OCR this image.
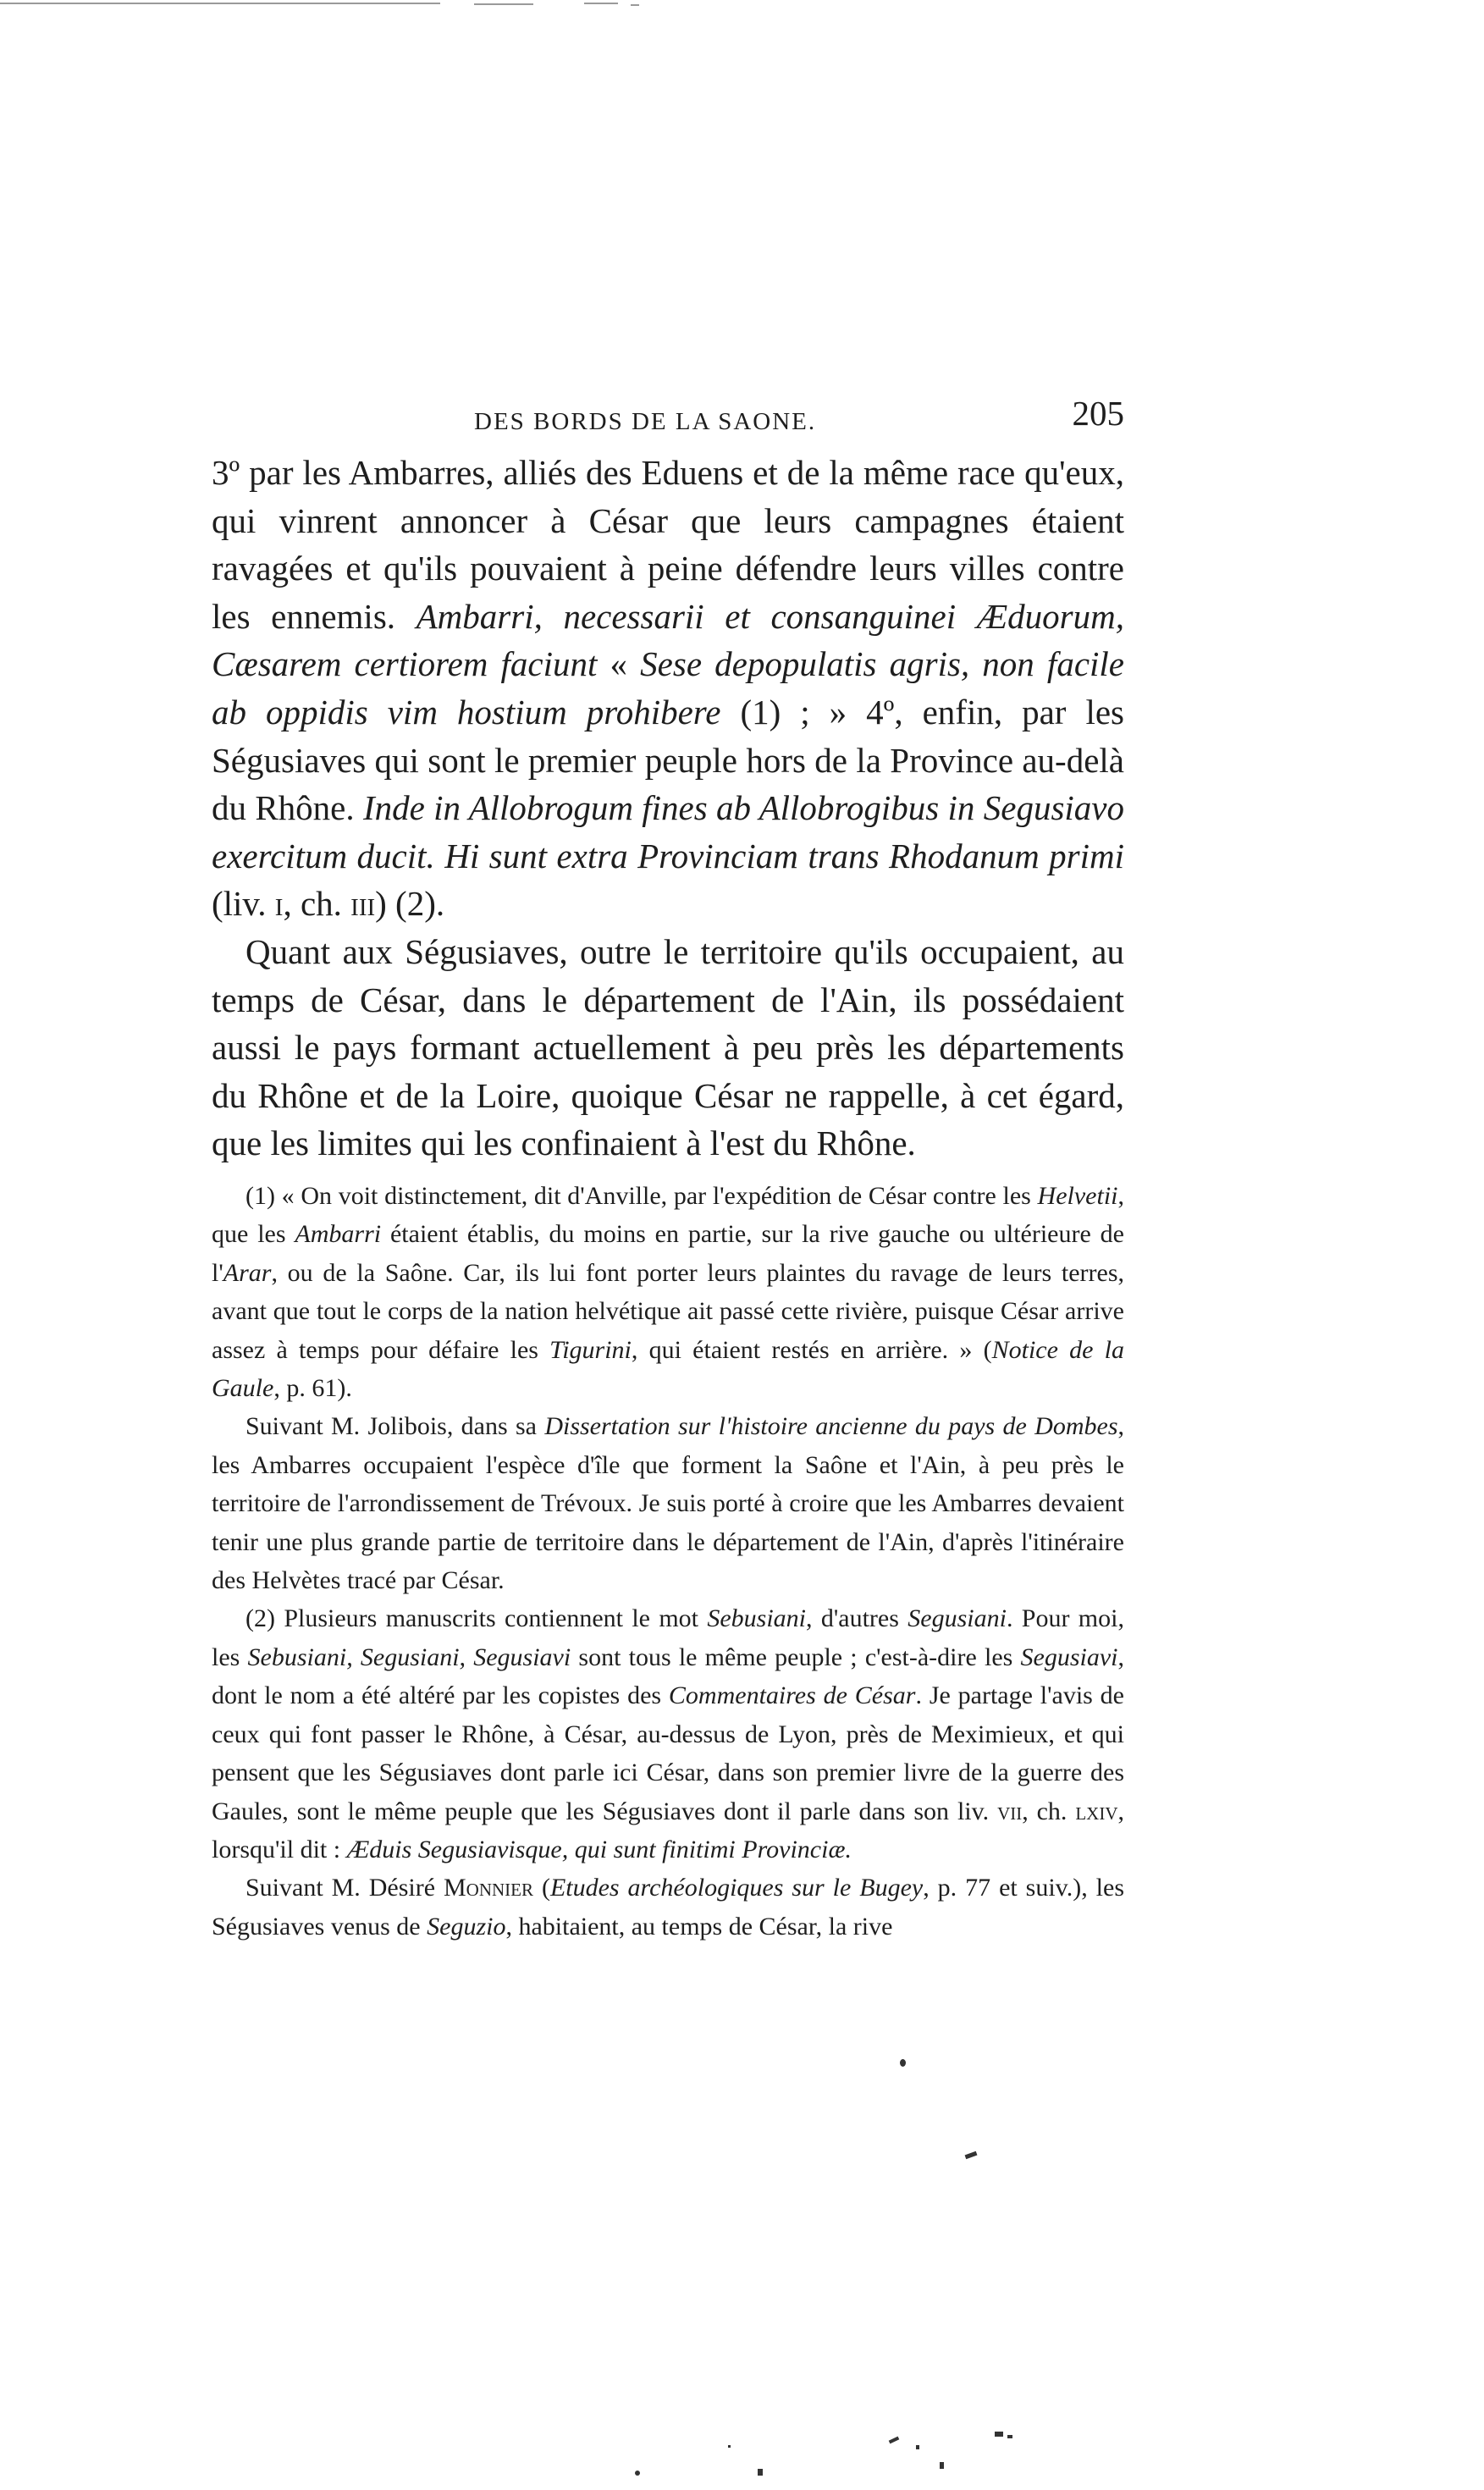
DES BORDS DE LA SAONE.	205

3º par les Ambarres, alliés des Eduens et de la même race qu'eux, qui vinrent annoncer à César que leurs campagnes étaient ravagées et qu'ils pouvaient à peine défendre leurs villes contre les ennemis. Ambarri, necessarii et consanguinei Æduorum, Cæsarem certiorem faciunt « Sese depopulatis agris, non facile ab oppidis vim hostium prohibere (1) ; » 4º, enfin, par les Ségusiaves qui sont le premier peuple hors de la Province au-delà du Rhône. Inde in Allobrogum fines ab Allobrogibus in Segusiavo exercitum ducit. Hi sunt extra Provinciam trans Rhodanum primi (liv. i, ch. iii) (2).

Quant aux Ségusiaves, outre le territoire qu'ils occupaient, au temps de César, dans le département de l'Ain, ils possédaient aussi le pays formant actuellement à peu près les départements du Rhône et de la Loire, quoique César ne rappelle, à cet égard, que les limites qui les confinaient à l'est du Rhône.

(1) « On voit distinctement, dit d'Anville, par l'expédition de César contre les Helvetii, que les Ambarri étaient établis, du moins en partie, sur la rive gauche ou ultérieure de l'Arar, ou de la Saône. Car, ils lui font porter leurs plaintes du ravage de leurs terres, avant que tout le corps de la nation helvétique ait passé cette rivière, puisque César arrive assez à temps pour défaire les Tigurini, qui étaient restés en arrière. » (Notice de la Gaule, p. 61).

Suivant M. Jolibois, dans sa Dissertation sur l'histoire ancienne du pays de Dombes, les Ambarres occupaient l'espèce d'île que forment la Saône et l'Ain, à peu près le territoire de l'arrondissement de Trévoux. Je suis porté à croire que les Ambarres devaient tenir une plus grande partie de territoire dans le département de l'Ain, d'après l'itinéraire des Helvètes tracé par César.

(2) Plusieurs manuscrits contiennent le mot Sebusiani, d'autres Segusiani. Pour moi, les Sebusiani, Segusiani, Segusiavi sont tous le même peuple ; c'est-à-dire les Segusiavi, dont le nom a été altéré par les copistes des Commentaires de César. Je partage l'avis de ceux qui font passer le Rhône, à César, au-dessus de Lyon, près de Meximieux, et qui pensent que les Ségusiaves dont parle ici César, dans son premier livre de la guerre des Gaules, sont le même peuple que les Ségusiaves dont il parle dans son liv. vii, ch. lxiv, lorsqu'il dit : Æduis Segusiavisque, qui sunt finitimi Provinciæ.

Suivant M. Désiré Monnier (Etudes archéologiques sur le Bugey, p. 77 et suiv.), les Ségusiaves venus de Seguzio, habitaient, au temps de César, la rive
